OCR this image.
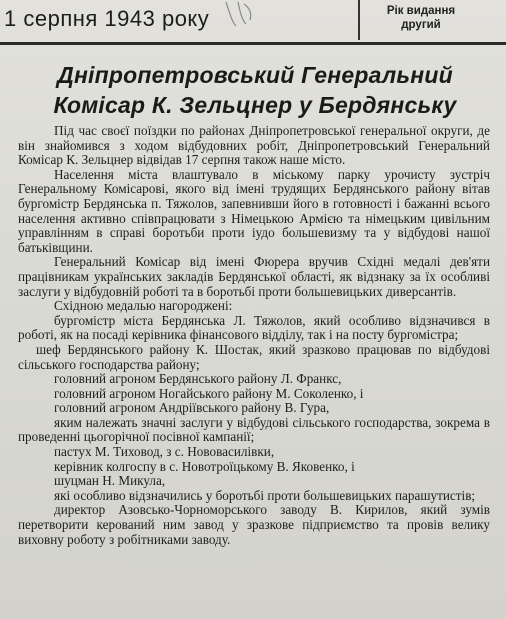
1 серпня 1943 року	Рік видання
другий
Дніпропетровський Генеральний
Комісар К. Зельцнер у Бердянську

Під час своєї поїздки по районах Дніпропетровської генеральної округи, де він знайомився з ходом відбудовних робіт, Дніпропетровський Генеральний Комісар К. Зельцнер відвідав 17 серпня також наше місто.

Населення міста влаштувало в міському парку урочисту зустріч Генеральному Комісарові, якого від імені трудящих Бердянського району вітав бургомістр Бердянська п. Тяжолов, запевнивши його в готовності і бажанні всього населення активно співпрацювати з Німецькою Армією та німецьким цивільним управлінням в справі боротьби проти іудо большевизму та у відбудові нашої батьківщини.

Генеральний Комісар від імені Фюрера вручив Східні медалі дев'яти працівникам українських закладів Бердянської області, як відзнаку за їх особливі заслуги у відбудовній роботі та в боротьбі проти большевицьких диверсантів.

Східною медалью нагороджені:

бургомістр міста Бердянська Л. Тяжолов, який особливо відзначився в роботі, як на посаді керівника фінансового відділу, так і на посту бургомістра;

шеф Бердянського району К. Шостак, який зразково працював по відбудові сільського господарства району;

головний агроном Бердянського району Л. Франкс,

головний агроном Ногайського району М. Соколенко, і

головний агроном Андріївського району В. Гура,

яким належать значні заслуги у відбудові сільського господарства, зокрема в проведенні цьогорічної посівної кампанії;

пастух М. Тиховод, з с. Нововасилівки,

керівник колгоспу в с. Новотроїцькому В. Яковенко, і

шуцман Н. Микула,

які особливо відзначились у боротьбі проти большевицьких парашутистів;

директор Азовсько-Чорноморського заводу В. Кирилов, який зумів перетворити керований ним завод у зразкове підприємство та провів велику виховну роботу з робітниками заводу.
